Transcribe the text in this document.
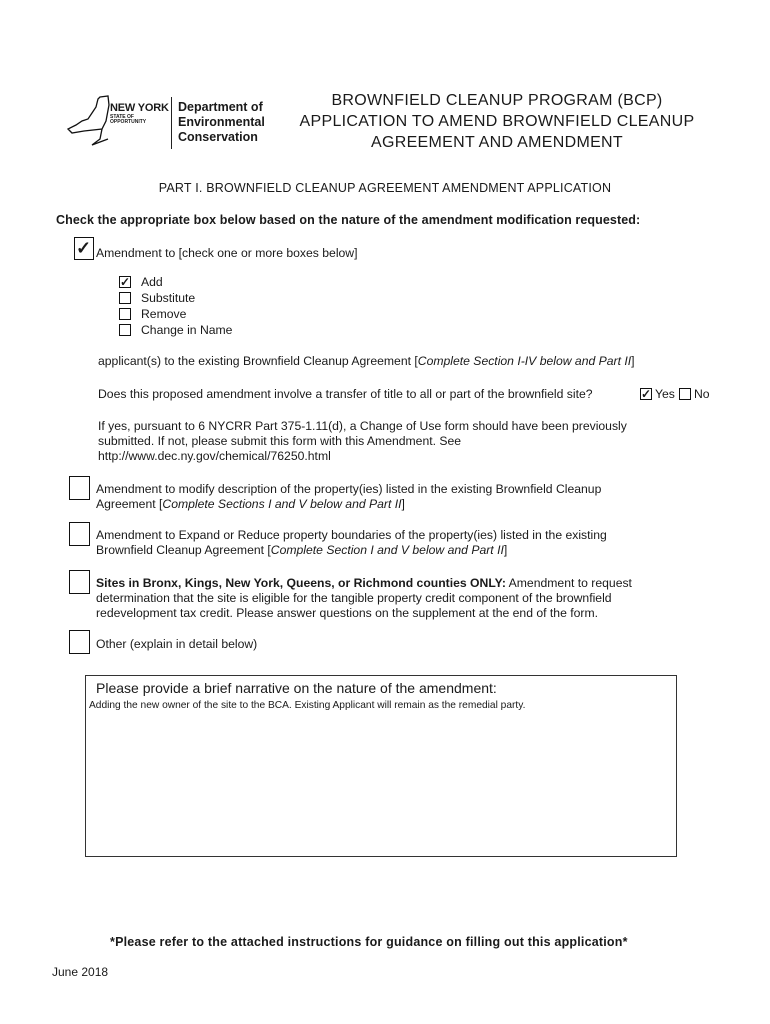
NEW YORK
STATE OF
OPPORTUNITY
Department of
Environmental
Conservation
BROWNFIELD CLEANUP PROGRAM (BCP)
APPLICATION TO AMEND BROWNFIELD CLEANUP
AGREEMENT AND AMENDMENT
PART I. BROWNFIELD CLEANUP AGREEMENT AMENDMENT APPLICATION
Check the appropriate box below based on the nature of the amendment modification requested:
✓ Amendment to [check one or more boxes below]
✓ Add
Substitute
Remove
Change in Name
applicant(s) to the existing Brownfield Cleanup Agreement [Complete Section I-IV below and Part II]
Does this proposed amendment involve a transfer of title to all or part of the brownfield site?	✓ Yes No
If yes, pursuant to 6 NYCRR Part 375-1.11(d), a Change of Use form should have been previously
submitted. If not, please submit this form with this Amendment. See
http://www.dec.ny.gov/chemical/76250.html
Amendment to modify description of the property(ies) listed in the existing Brownfield Cleanup
Agreement [Complete Sections I and V below and Part II]
Amendment to Expand or Reduce property boundaries of the property(ies) listed in the existing
Brownfield Cleanup Agreement [Complete Section I and V below and Part II]
Sites in Bronx, Kings, New York, Queens, or Richmond counties ONLY: Amendment to request
determination that the site is eligible for the tangible property credit component of the brownfield
redevelopment tax credit. Please answer questions on the supplement at the end of the form.
Other (explain in detail below)
Please provide a brief narrative on the nature of the amendment:
Adding the new owner of the site to the BCA. Existing Applicant will remain as the remedial party.
*Please refer to the attached instructions for guidance on filling out this application*
June 2018
